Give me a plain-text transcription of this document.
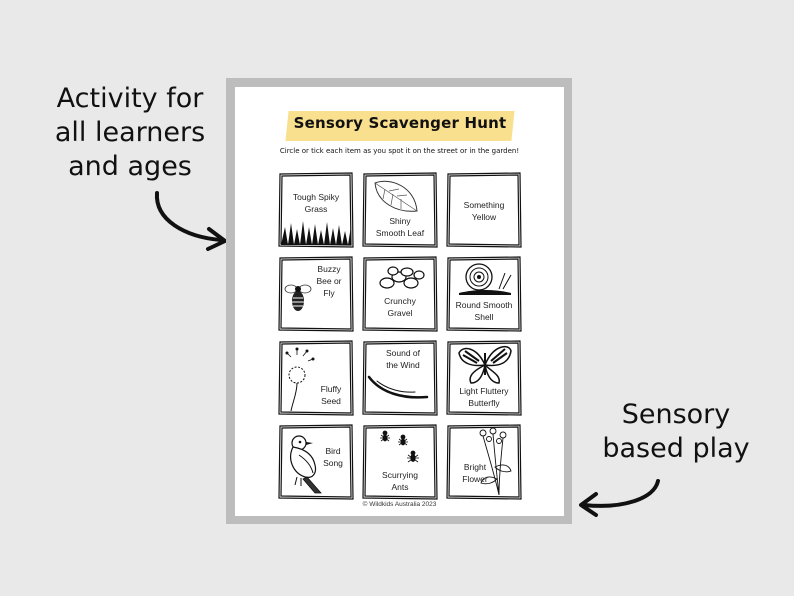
Activity for
all learners
and ages
Sensory
based play
Sensory Scavenger Hunt
Circle or tick each item as you spot it on the street or in the garden!
Tough Spiky
Grass
Shiny
Smooth Leaf
Something
Yellow
Buzzy
Bee or
Fly
Crunchy
Gravel
Round Smooth
Shell
Fluffy
Seed
Sound of
the Wind
Light Fluttery
Butterfly
Bird
Song
Scurrying
Ants
Bright
Flower
© Wildkids Australia 2023
